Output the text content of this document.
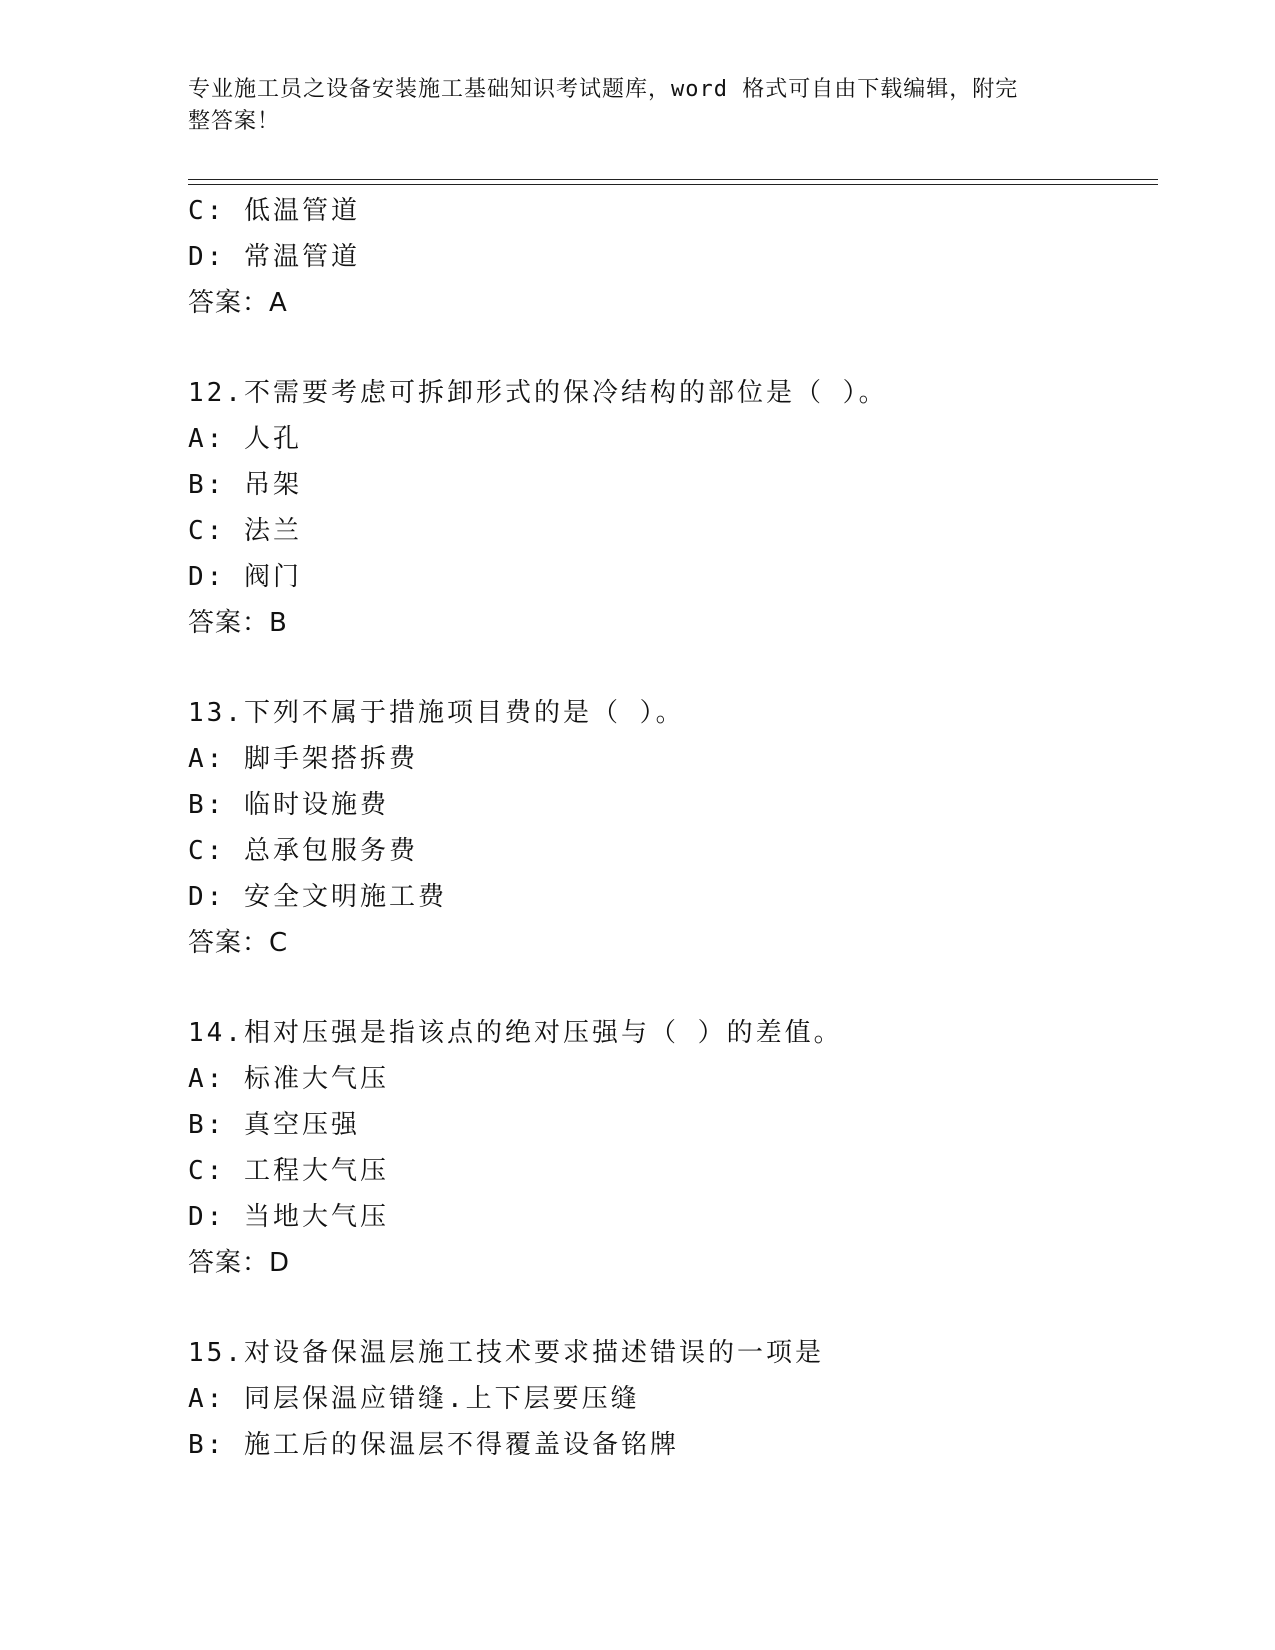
专业施工员之设备安装施工基础知识考试题库，word 格式可自由下载编辑，附完
整答案！
C: 低温管道
D: 常温管道
答案：A
12.不需要考虑可拆卸形式的保冷结构的部位是（ ）。
A: 人孔
B: 吊架
C: 法兰
D: 阀门
答案：B
13.下列不属于措施项目费的是（ ）。
A: 脚手架搭拆费
B: 临时设施费
C: 总承包服务费
D: 安全文明施工费
答案：C
14.相对压强是指该点的绝对压强与（ ）的差值。
A: 标准大气压
B: 真空压强
C: 工程大气压
D: 当地大气压
答案：D
15.对设备保温层施工技术要求描述错误的一项是
A: 同层保温应错缝.上下层要压缝
B: 施工后的保温层不得覆盖设备铭牌
